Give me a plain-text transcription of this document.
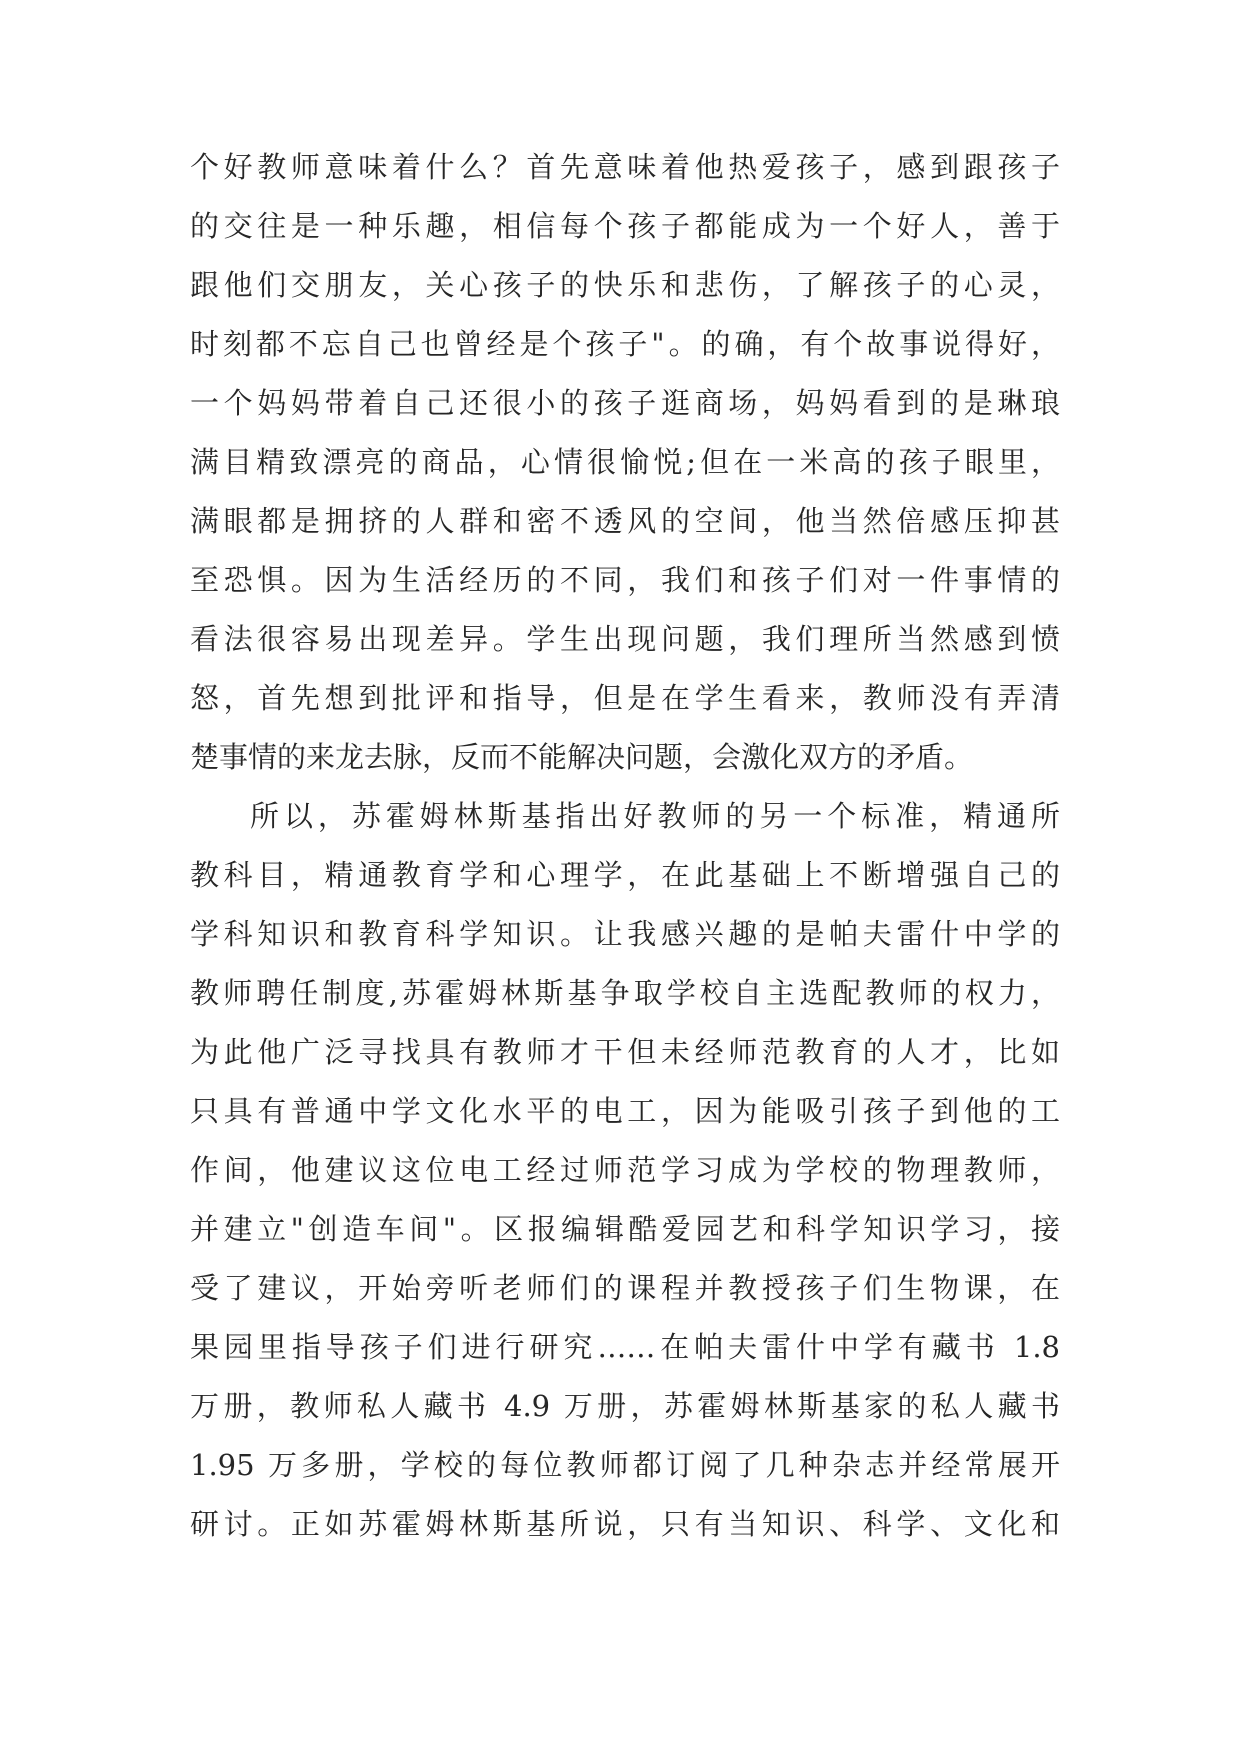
个好教师意味着什么？首先意味着他热爱孩子，感到跟孩子
的交往是一种乐趣，相信每个孩子都能成为一个好人，善于
跟他们交朋友，关心孩子的快乐和悲伤，了解孩子的心灵，
时刻都不忘自己也曾经是个孩子"。的确，有个故事说得好，
一个妈妈带着自己还很小的孩子逛商场，妈妈看到的是琳琅
满目精致漂亮的商品，心情很愉悦;但在一米高的孩子眼里，
满眼都是拥挤的人群和密不透风的空间，他当然倍感压抑甚
至恐惧。因为生活经历的不同，我们和孩子们对一件事情的
看法很容易出现差异。学生出现问题，我们理所当然感到愤
怒，首先想到批评和指导，但是在学生看来，教师没有弄清
楚事情的来龙去脉，反而不能解决问题，会激化双方的矛盾。
所以，苏霍姆林斯基指出好教师的另一个标准，精通所
教科目，精通教育学和心理学，在此基础上不断增强自己的
学科知识和教育科学知识。让我感兴趣的是帕夫雷什中学的
教师聘任制度,苏霍姆林斯基争取学校自主选配教师的权力，
为此他广泛寻找具有教师才干但未经师范教育的人才，比如
只具有普通中学文化水平的电工，因为能吸引孩子到他的工
作间，他建议这位电工经过师范学习成为学校的物理教师，
并建立"创造车间"。区报编辑酷爱园艺和科学知识学习，接
受了建议，开始旁听老师们的课程并教授孩子们生物课，在
果园里指导孩子们进行研究……在帕夫雷什中学有藏书 1.8
万册，教师私人藏书 4.9 万册，苏霍姆林斯基家的私人藏书
1.95 万多册，学校的每位教师都订阅了几种杂志并经常展开
研讨。正如苏霍姆林斯基所说，只有当知识、科学、文化和
